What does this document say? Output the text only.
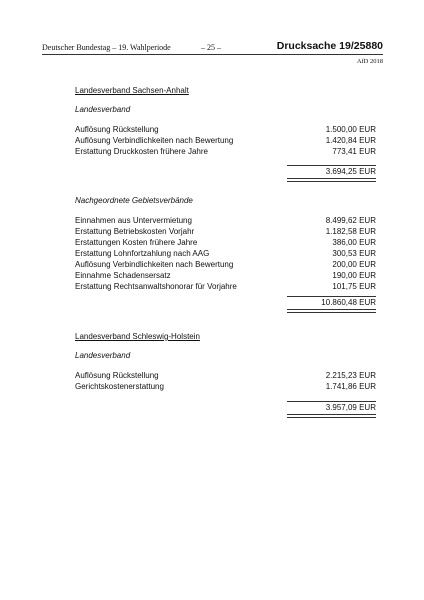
Deutscher Bundestag – 19. Wahlperiode	– 25 –	Drucksache 19/25880
AfD 2018
Landesverband Sachsen-Anhalt
Landesverband
Auflösung Rückstellung	1.500,00 EUR
Auflösung Verbindlichkeiten nach Bewertung	1.420,84 EUR
Erstattung Druckkosten frühere Jahre	773,41 EUR
3.694,25 EUR
Nachgeordnete Gebietsverbände
Einnahmen aus Untervermietung	8.499,62 EUR
Erstattung Betriebskosten Vorjahr	1.182,58 EUR
Erstattungen Kosten frühere Jahre	386,00 EUR
Erstattung Lohnfortzahlung nach AAG	300,53 EUR
Auflösung Verbindlichkeiten nach Bewertung	200,00 EUR
Einnahme Schadensersatz	190,00 EUR
Erstattung Rechtsanwaltshonorar für Vorjahre	101,75 EUR
10.860,48 EUR
Landesverband Schleswig-Holstein
Landesverband
Auflösung Rückstellung	2.215,23 EUR
Gerichtskostenerstattung	1.741,86 EUR
3.957,09 EUR
